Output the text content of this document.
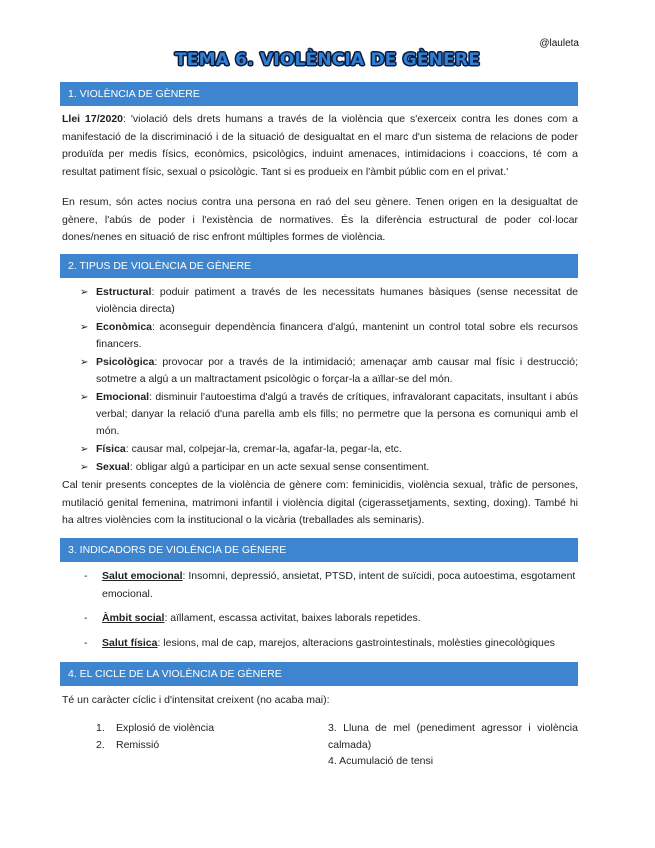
@lauleta
TEMA 6. VIOLÈNCIA DE GÈNERE
1. VIOLÈNCIA DE GÈNERE

Llei 17/2020: 'violació dels drets humans a través de la violència que s'exerceix contra les dones com a manifestació de la discriminació i de la situació de desigualtat en el marc d'un sistema de relacions de poder produïda per medis físics, econòmics, psicològics, induint amenaces, intimidacions i coaccions, té com a resultat patiment físic, sexual o psicològic. Tant si es produeix en l'àmbit públic com en el privat.'

En resum, són actes nocius contra una persona en raó del seu gènere. Tenen origen en la desigualtat de gènere, l'abús de poder i l'existència de normatives. És la diferència estructural de poder col·locar dones/nenes en situació de risc enfront múltiples formes de violència.

2. TIPUS DE VIOLÈNCIA DE GÈNERE
➢ Estructural: poduir patiment a través de les necessitats humanes bàsiques (sense necessitat de violència directa)
➢ Econòmica: aconseguir dependència financera d'algú, mantenint un control total sobre els recursos financers.
➢ Psicològica: provocar por a través de la intimidació; amenaçar amb causar mal físic i destrucció; sotmetre a algú a un maltractament psicològic o forçar-la a aïllar-se del món.
➢ Emocional: disminuir l'autoestima d'algú a través de crítiques, infravalorant capacitats, insultant i abús verbal; danyar la relació d'una parella amb els fills; no permetre que la persona es comuniqui amb el món.
➢ Física: causar mal, colpejar-la, cremar-la, agafar-la, pegar-la, etc.
➢ Sexual: obligar algú a participar en un acte sexual sense consentiment.

Cal tenir presents conceptes de la violència de gènere com: feminicidis, violència sexual, tràfic de persones, mutilació genital femenina, matrimoni infantil i violència digital (cigerassetjaments, sexting, doxing). També hi ha altres violències com la institucional o la vicària (treballades als seminaris).

3. INDICADORS DE VIOLÈNCIA DE GÈNERE
- Salut emocional: Insomni, depressió, ansietat, PTSD, intent de suïcidi, poca autoestima, esgotament emocional.
- Àmbit social: aïllament, escassa activitat, baixes laborals repetides.
- Salut física: lesions, mal de cap, marejos, alteracions gastrointestinals, molèsties ginecològiques
4. EL CICLE DE LA VIOLÈNCIA DE GÈNERE

Té un caràcter cíclic i d'intensitat creixent (no acaba mai):

1. Explosió de violència
2. Remissió
3. Lluna de mel (penediment agressor i violència calmada)
4. Acumulació de tensi
